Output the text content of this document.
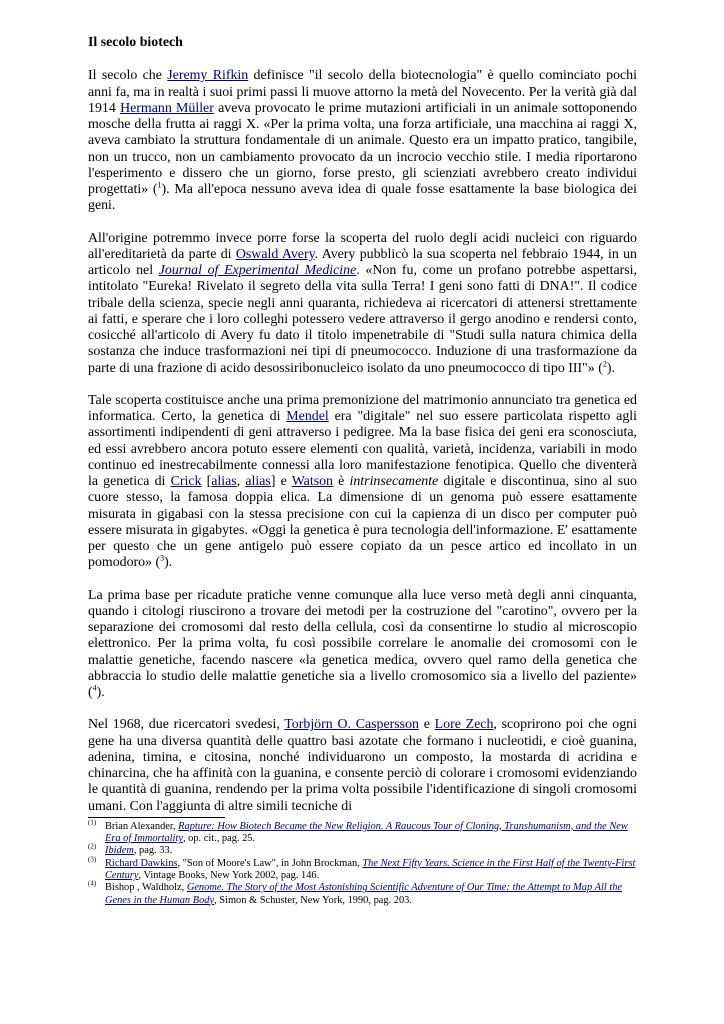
Il secolo biotech

Il secolo che Jeremy Rifkin definisce "il secolo della biotecnologia" è quello cominciato pochi anni fa, ma in realtà i suoi primi passi li muove attorno la metà del Novecento. Per la verità già dal 1914 Hermann Müller aveva provocato le prime mutazioni artificiali in un animale sottoponendo mosche della frutta ai raggi X. «Per la prima volta, una forza artificiale, una macchina ai raggi X, aveva cambiato la struttura fondamentale di un animale. Questo era un impatto pratico, tangibile, non un trucco, non un cambiamento provocato da un incrocio vecchio stile. I media riportarono l'esperimento e dissero che un giorno, forse presto, gli scienziati avrebbero creato individui progettati» ($^1$). Ma all'epoca nessuno aveva idea di quale fosse esattamente la base biologica dei geni.

All'origine potremmo invece porre forse la scoperta del ruolo degli acidi nucleici con riguardo all'ereditarietà da parte di Oswald Avery. Avery pubblicò la sua scoperta nel febbraio 1944, in un articolo nel Journal of Experimental Medicine. «Non fu, come un profano potrebbe aspettarsi, intitolato "Eureka! Rivelato il segreto della vita sulla Terra! I geni sono fatti di DNA!". Il codice tribale della scienza, specie negli anni quaranta, richiedeva ai ricercatori di attenersi strettamente ai fatti, e sperare che i loro colleghi potessero vedere attraverso il gergo anodino e rendersi conto, cosicché all'articolo di Avery fu dato il titolo impenetrabile di "Studi sulla natura chimica della sostanza che induce trasformazioni nei tipi di pneumococco. Induzione di una trasformazione da parte di una frazione di acido desossiribonucleico isolato da uno pneumococco di tipo III"» ($^2$).

Tale scoperta costituisce anche una prima premonizione del matrimonio annunciato tra genetica ed informatica. Certo, la genetica di Mendel era "digitale" nel suo essere particolata rispetto agli assortimenti indipendenti di geni attraverso i pedigree. Ma la base fisica dei geni era sconosciuta, ed essi avrebbero ancora potuto essere elementi con qualità, varietà, incidenza, variabili in modo continuo ed inestrecabilmente connessi alla loro manifestazione fenotipica. Quello che diventerà la genetica di Crick [alias, alias] e Watson è intrinsecamente digitale e discontinua, sino al suo cuore stesso, la famosa doppia elica. La dimensione di un genoma può essere esattamente misurata in gigabasi con la stessa precisione con cui la capienza di un disco per computer può essere misurata in gigabytes. «Oggi la genetica è pura tecnologia dell'informazione. E' esattamente per questo che un gene antigelo può essere copiato da un pesce artico ed incollato in un pomodoro» ($^3$).

La prima base per ricadute pratiche venne comunque alla luce verso metà degli anni cinquanta, quando i citologi riuscirono a trovare dei metodi per la costruzione del "carotino", ovvero per la separazione dei cromosomi dal resto della cellula, così da consentirne lo studio al microscopio elettronico. Per la prima volta, fu così possibile correlare le anomalie dei cromosomi con le malattie genetiche, facendo nascere «la genetica medica, ovvero quel ramo della genetica che abbraccia lo studio delle malattie genetiche sia a livello cromosomico sia a livello del paziente» ($^4$).

Nel 1968, due ricercatori svedesi, Torbjörn O. Caspersson e Lore Zech, scoprirono poi che ogni gene ha una diversa quantità delle quattro basi azotate che formano i nucleotidi, e cioè guanina, adenina, timina, e citosina, nonché individuarono un composto, la mostarda di acridina e chinarcina, che ha affinità con la guanina, e consente perciò di colorare i cromosomi evidenziando le quantità di guanina, rendendo per la prima volta possibile l'identificazione di singoli cromosomi umani. Con l'aggiunta di altre simili tecniche di

$^{(1)}$ Brian Alexander, Rapture: How Biotech Became the New Religion. A Raucous Tour of Cloning, Transhumanism, and the New Era of Immortality, op. cit., pag. 25.
$^{(2)}$ Ibidem, pag. 33.
$^{(3)}$ Richard Dawkins, "Son of Moore's Law", in John Brockman, The Next Fifty Years. Science in the First Half of the Twenty-First Century, Vintage Books, New York 2002, pag. 146.
$^{(4)}$ Bishop , Waldholz, Genome. The Story of the Most Astonishing Scientific Adventure of Our Time: the Attempt to Map All the Genes in the Human Body, Simon & Schuster, New York, 1990, pag. 203.
